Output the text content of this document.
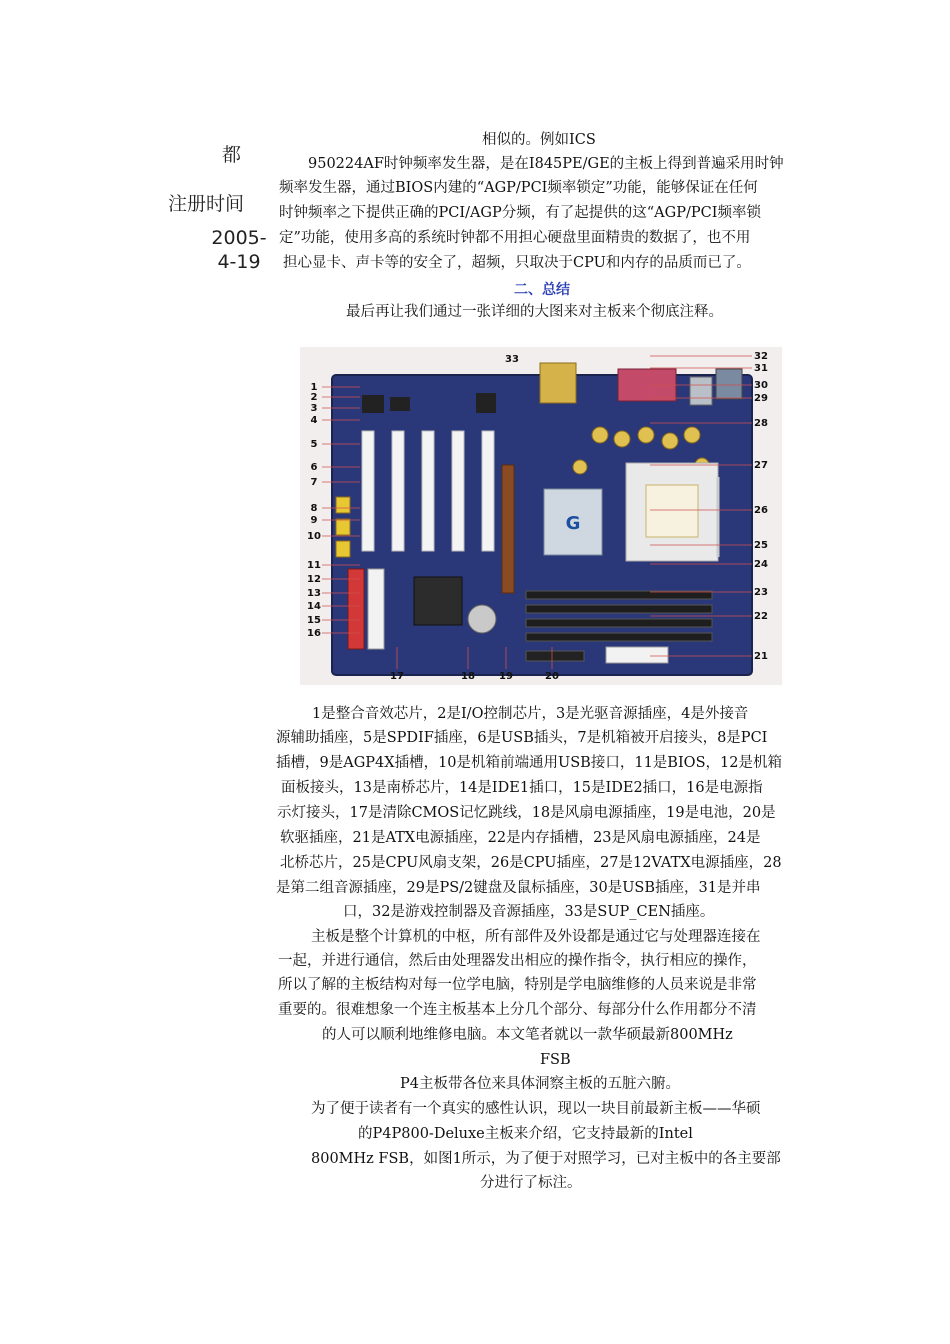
都
注册时间
2005-
4-19
相似的。例如ICS
950224AF时钟频率发生器，是在I845PE/GE的主板上得到普遍采用时钟
频率发生器，通过BIOS内建的“AGP/PCI频率锁定”功能，能够保证在任何
时钟频率之下提供正确的PCI/AGP分频，有了起提供的这“AGP/PCI频率锁
定”功能，使用多高的系统时钟都不用担心硬盘里面精贵的数据了，也不用
担心显卡、声卡等的安全了，超频，只取决于CPU和内存的品质而已了。
二、总结
最后再让我们通过一张详细的大图来对主板来个彻底注释。
G
1
2
3
4
5
6
7
8
9
10
11
12
13
14
15
16
32
31
30
29
28
27
26
25
24
23
22
21
17	18 19	20
33
1是整合音效芯片，2是I/O控制芯片，3是光驱音源插座，4是外接音
源辅助插座，5是SPDIF插座，6是USB插头，7是机箱被开启接头，8是PCI
插槽，9是AGP4X插槽，10是机箱前端通用USB接口，11是BIOS，12是机箱
面板接头，13是南桥芯片，14是IDE1插口，15是IDE2插口，16是电源指
示灯接头，17是清除CMOS记忆跳线，18是风扇电源插座，19是电池，20是
软驱插座，21是ATX电源插座，22是内存插槽，23是风扇电源插座，24是
北桥芯片，25是CPU风扇支架，26是CPU插座，27是12VATX电源插座，28
是第二组音源插座，29是PS/2键盘及鼠标插座，30是USB插座，31是并串
口，32是游戏控制器及音源插座，33是SUP_CEN插座。
主板是整个计算机的中枢，所有部件及外设都是通过它与处理器连接在
一起，并进行通信，然后由处理器发出相应的操作指令，执行相应的操作，
所以了解的主板结构对每一位学电脑，特别是学电脑维修的人员来说是非常
重要的。很难想象一个连主板基本上分几个部分、每部分什么作用都分不清
的人可以顺利地维修电脑。本文笔者就以一款华硕最新800MHz
FSB
P4主板带各位来具体洞察主板的五脏六腑。
为了便于读者有一个真实的感性认识，现以一块目前最新主板——华硕
的P4P800-Deluxe主板来介绍，它支持最新的Intel
800MHz FSB，如图1所示，为了便于对照学习，已对主板中的各主要部
分进行了标注。
